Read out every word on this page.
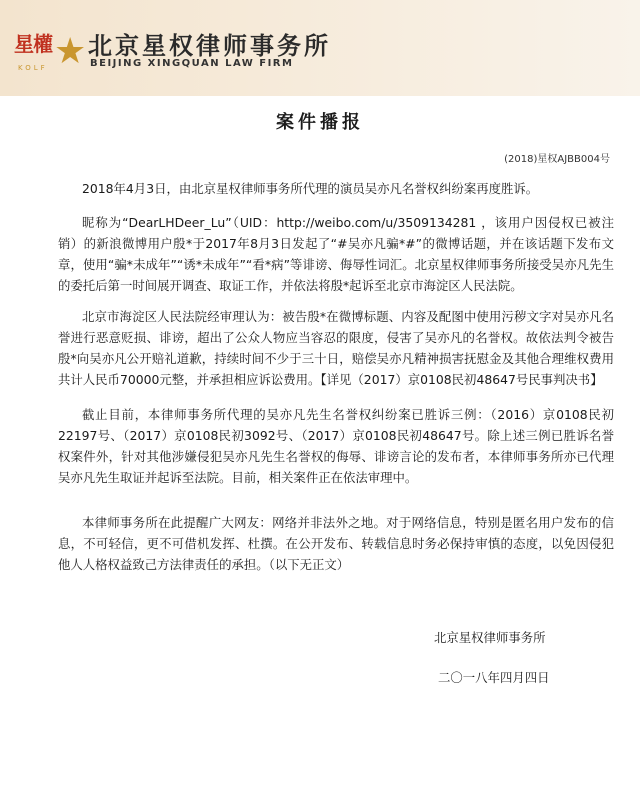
星權 ★
KOLF
北京星权律师事务所
BEIJING XINGQUAN LAW FIRM
案件播报
(2018)星权AJBB004号

2018年4月3日，由北京星权律师事务所代理的演员吴亦凡名誉权纠纷案再度胜诉。

昵称为“DearLHDeer_Lu”（UID：http://weibo.com/u/3509134281 ，该用户因侵权已被注销）的新浪微博用户殷*于2017年8月3日发起了“#吴亦凡骗*#”的微博话题，并在该话题下发布文章，使用“骗*未成年”“诱*未成年”“看*病”等诽谤、侮辱性词汇。北京星权律师事务所接受吴亦凡先生的委托后第一时间展开调查、取证工作，并依法将殷*起诉至北京市海淀区人民法院。

北京市海淀区人民法院经审理认为：被告殷*在微博标题、内容及配图中使用污秽文字对吴亦凡名誉进行恶意贬损、诽谤，超出了公众人物应当容忍的限度，侵害了吴亦凡的名誉权。故依法判令被告殷*向吴亦凡公开赔礼道歉，持续时间不少于三十日，赔偿吴亦凡精神损害抚慰金及其他合理维权费用共计人民币70000元整，并承担相应诉讼费用。【详见（2017）京0108民初48647号民事判决书】

截止目前，本律师事务所代理的吴亦凡先生名誉权纠纷案已胜诉三例：（2016）京0108民初22197号、（2017）京0108民初3092号、（2017）京0108民初48647号。除上述三例已胜诉名誉权案件外，针对其他涉嫌侵犯吴亦凡先生名誉权的侮辱、诽谤言论的发布者，本律师事务所亦已代理吴亦凡先生取证并起诉至法院。目前，相关案件正在依法审理中。

本律师事务所在此提醒广大网友：网络并非法外之地。对于网络信息，特别是匿名用户发布的信息，不可轻信，更不可借机发挥、杜撰。在公开发布、转载信息时务必保持审慎的态度，以免因侵犯他人人格权益致己方法律责任的承担。（以下无正文）

北京星权律师事务所
二〇一八年四月四日
